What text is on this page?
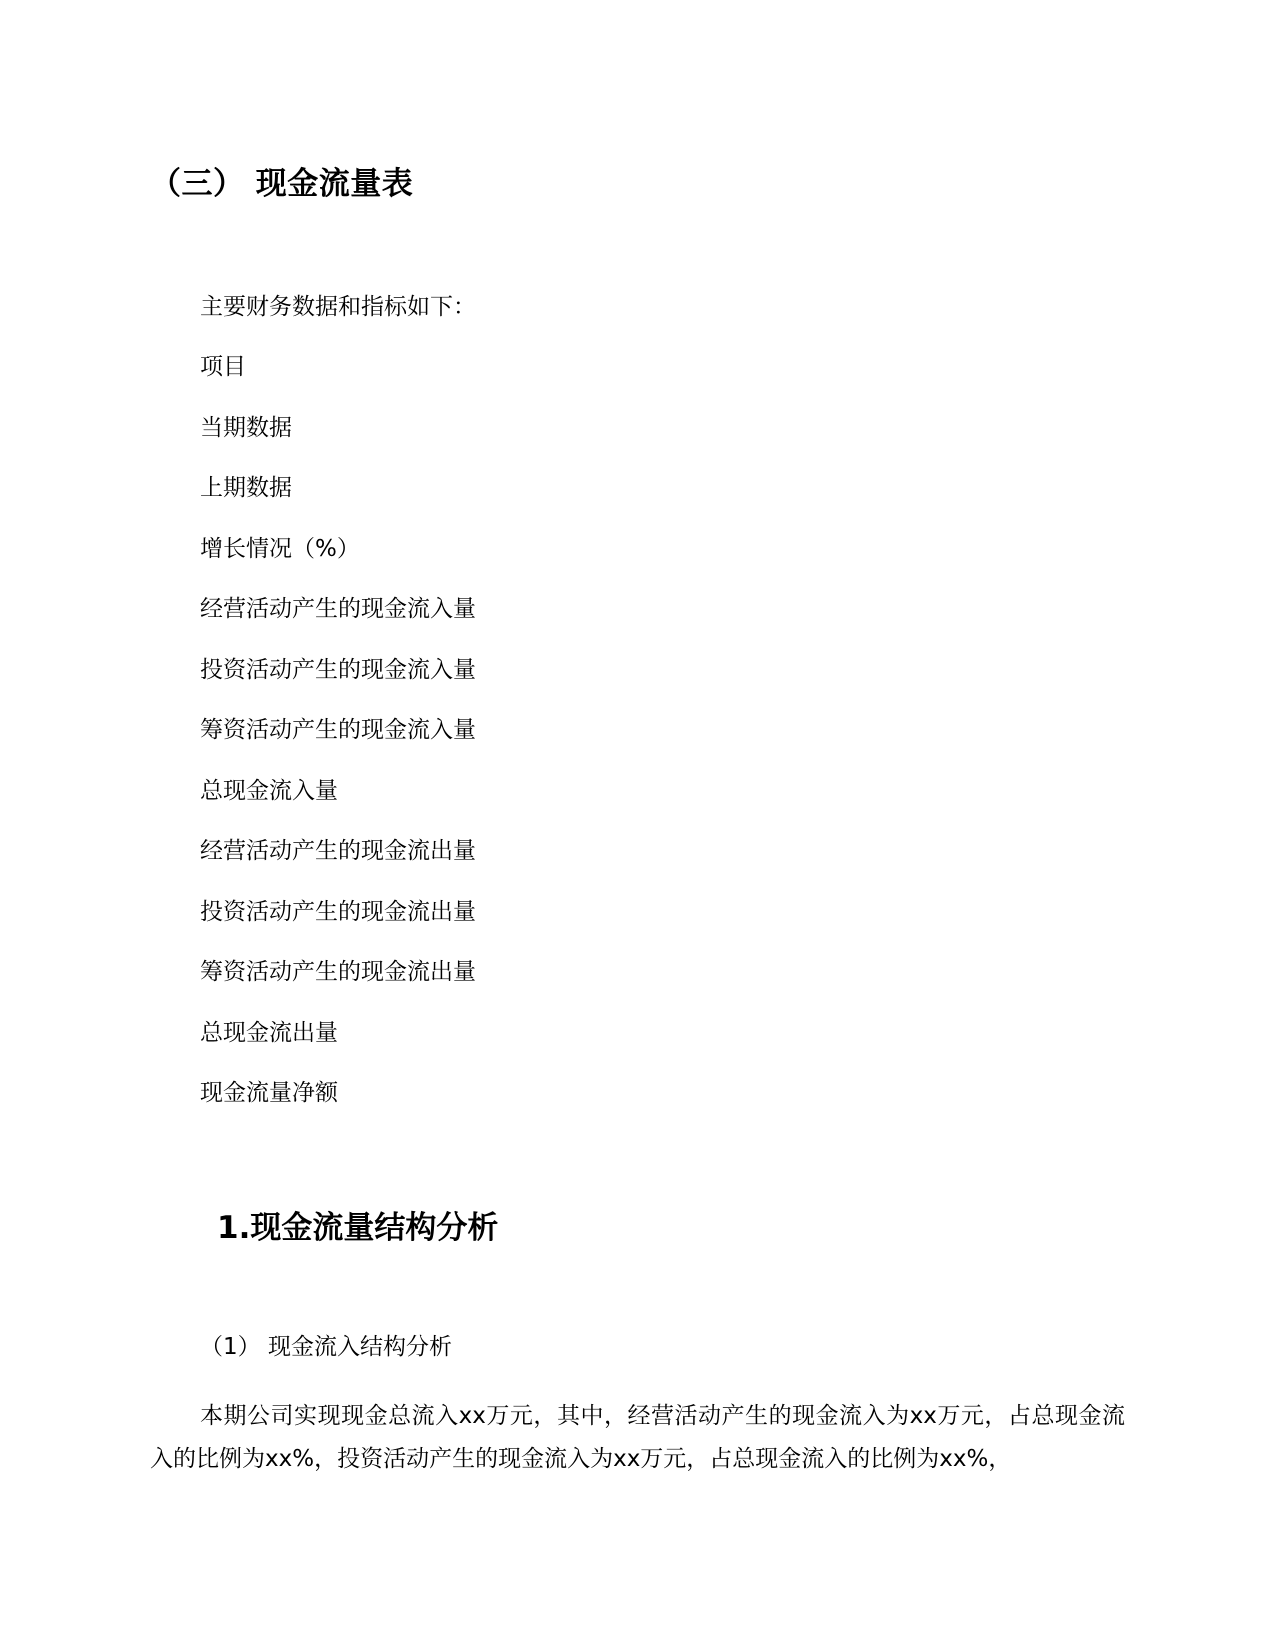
（三） 现金流量表
主要财务数据和指标如下：
项目
当期数据
上期数据
增长情况（%）
经营活动产生的现金流入量
投资活动产生的现金流入量
筹资活动产生的现金流入量
总现金流入量
经营活动产生的现金流出量
投资活动产生的现金流出量
筹资活动产生的现金流出量
总现金流出量
现金流量净额
1.现金流量结构分析
（1） 现金流入结构分析
本期公司实现现金总流入xx万元，其中，经营活动产生的现金流入为xx万元，占总现金流入的比例为xx%，投资活动产生的现金流入为xx万元，占总现金流入的比例为xx%，
